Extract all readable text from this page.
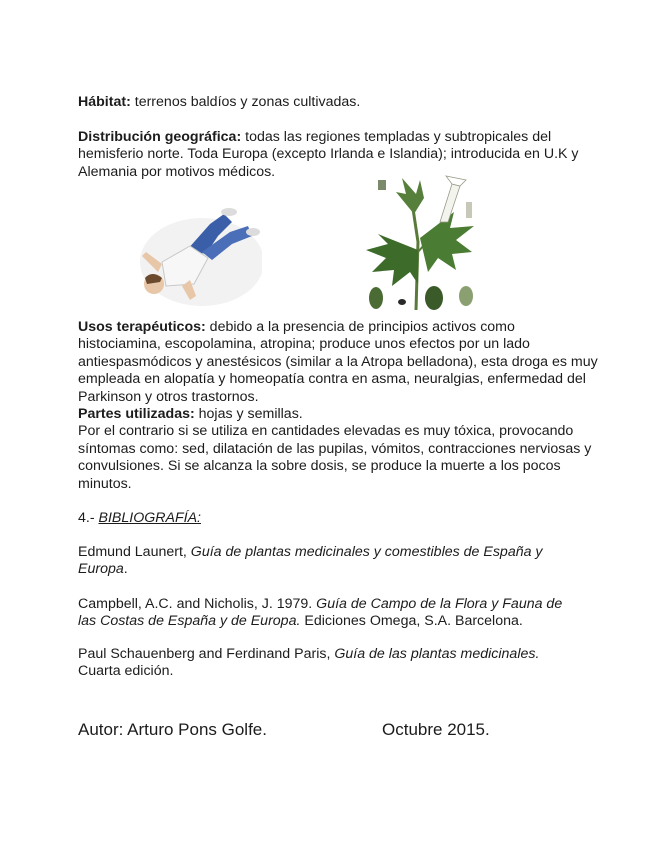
Hábitat: terrenos baldíos y zonas cultivadas.

Distribución geográfica: todas las regiones templadas y subtropicales del hemisferio norte. Toda Europa (excepto Irlanda e Islandia); introducida en U.K y Alemania por motivos médicos.

Usos terapéuticos: debido a la presencia de principios activos como histociamina, escopolamina, atropina; produce unos efectos por un lado antiespasmódicos y anestésicos (similar a la Atropa belladona), esta droga es muy empleada en alopatía y homeopatía contra en asma, neuralgias, enfermedad del Parkinson y otros trastornos.

Partes utilizadas: hojas y semillas.

Por el contrario si se utiliza en cantidades elevadas es muy tóxica, provocando síntomas como: sed, dilatación de las pupilas, vómitos, contracciones nerviosas y convulsiones. Si se alcanza la sobre dosis, se produce la muerte a los pocos minutos.

4.- BIBLIOGRAFÍA:
Edmund Launert, Guía de plantas medicinales y comestibles de España y Europa.
Campbell, A.C. and Nicholis, J. 1979. Guía de Campo de la Flora y Fauna de las Costas de España y de Europa. Ediciones Omega, S.A. Barcelona.
Paul Schauenberg and Ferdinand Paris, Guía de las plantas medicinales. Cuarta edición.
Autor: Arturo Pons Golfe.	Octubre 2015.
